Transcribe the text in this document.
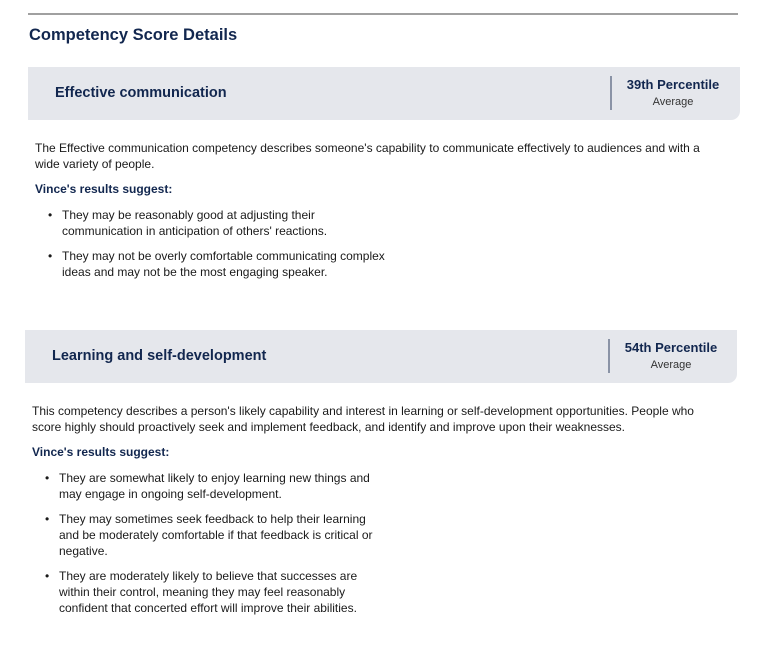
Competency Score Details
Effective communication
39th Percentile
Average
The Effective communication competency describes someone's capability to communicate effectively to audiences and with a wide variety of people.
Vince's results suggest:
• They may be reasonably good at adjusting their communication in anticipation of others' reactions.
• They may not be overly comfortable communicating complex ideas and may not be the most engaging speaker.
Learning and self-development
54th Percentile
Average
This competency describes a person's likely capability and interest in learning or self-development opportunities. People who score highly should proactively seek and implement feedback, and identify and improve upon their weaknesses.
Vince's results suggest:
• They are somewhat likely to enjoy learning new things and may engage in ongoing self-development.
• They may sometimes seek feedback to help their learning and be moderately comfortable if that feedback is critical or negative.
• They are moderately likely to believe that successes are within their control, meaning they may feel reasonably confident that concerted effort will improve their abilities.
